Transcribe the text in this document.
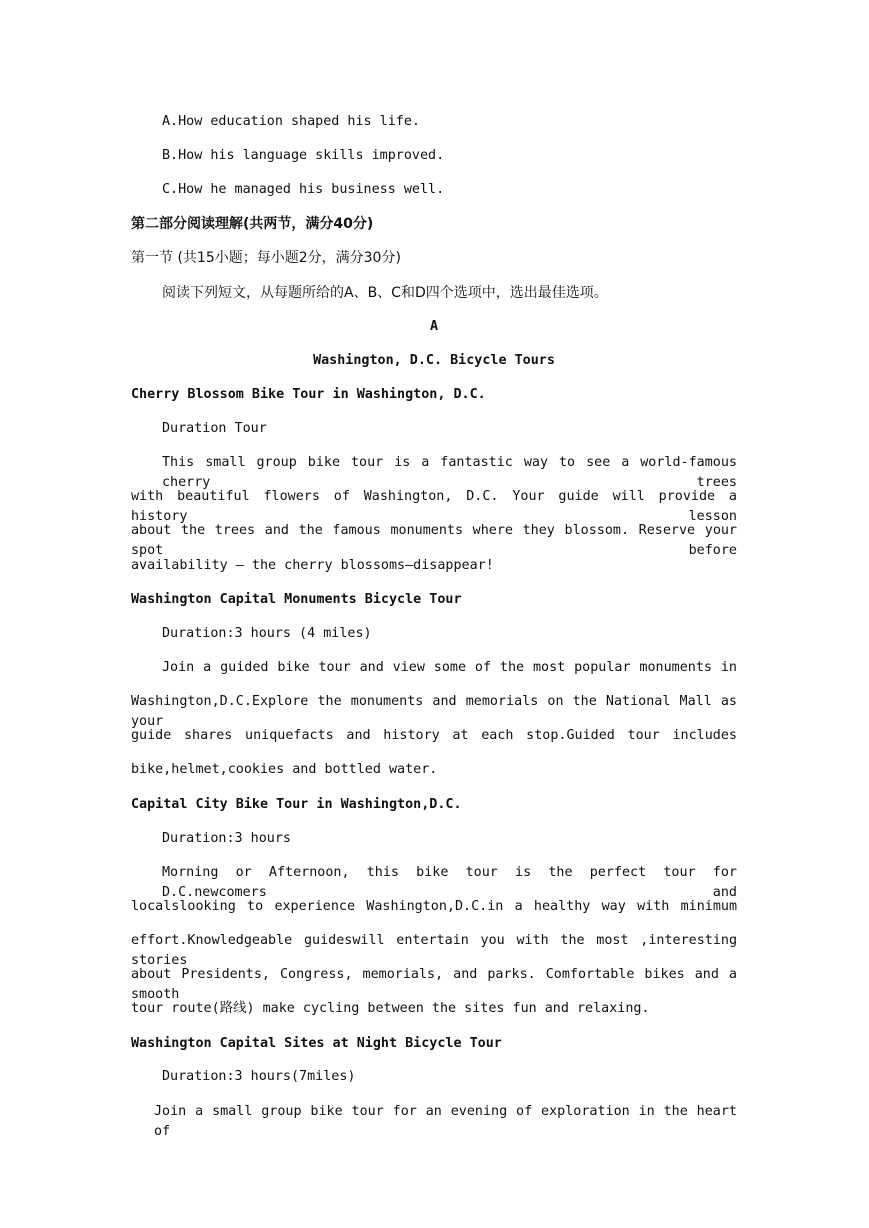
A.How education shaped his life.

B.How his language skills improved.

C.How he managed his business well.

第二部分阅读理解(共两节，满分40分)

第一节 (共15小题；每小题2分，满分30分)

阅读下列短文，从每题所给的A、B、C和D四个选项中，选出最佳选项。

A

Washington, D.C. Bicycle Tours

Cherry Blossom Bike Tour in Washington, D.C.

Duration Tour

This small group bike tour is a fantastic way to see a world-famous cherry trees

with beautiful flowers of Washington, D.C. Your guide will provide a history lesson

about the trees and the famous monuments where they blossom. Reserve your spot before

availability — the cherry blossoms—disappear!

Washington Capital Monuments Bicycle Tour

Duration:3 hours (4 miles)

Join a guided bike tour and view some of the most popular monuments in

Washington,D.C.Explore the monuments and memorials on the National Mall as your

guide shares uniquefacts and history at each stop.Guided tour includes

bike,helmet,cookies and bottled water.

Capital City Bike Tour in Washington,D.C.

Duration:3 hours

Morning or Afternoon, this bike tour is the perfect tour for D.C.newcomers and

localslooking to experience Washington,D.C.in a healthy way with minimum

effort.Knowledgeable guideswill entertain you with the most ,interesting stories

about Presidents, Congress, memorials, and parks. Comfortable bikes and a smooth

tour route(路线) make cycling between the sites fun and relaxing.

Washington Capital Sites at Night Bicycle Tour

Duration:3 hours(7miles)

Join a small group bike tour for an evening of exploration in the heart of
